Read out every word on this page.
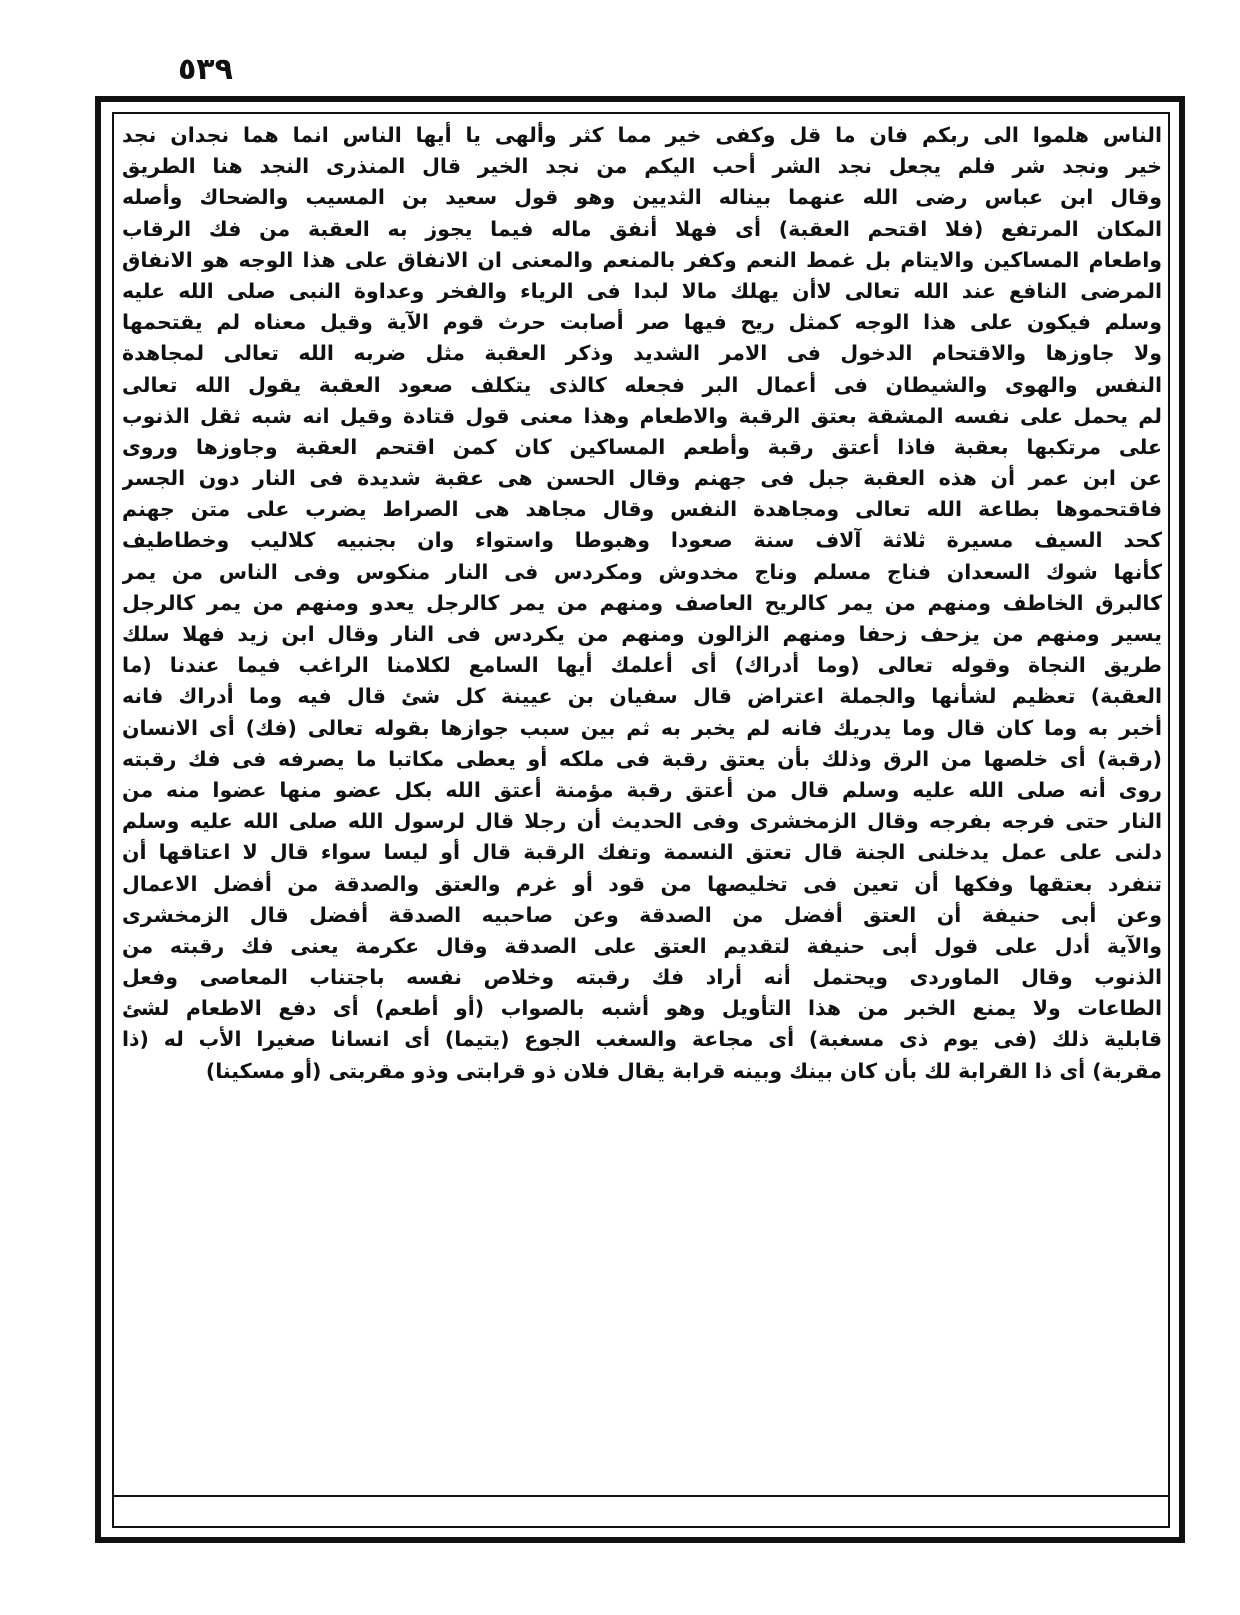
٥٣٩
الناس هلموا الى ربكم فان ما قل وكفى خير مما كثر وألهى يا أيها الناس انما هما نجدان نجد
خير ونجد شر فلم يجعل نجد الشر أحب اليكم من نجد الخير قال المنذرى النجد هنا الطريق
وقال ابن عباس رضى الله عنهما بيناله الثديين وهو قول سعيد بن المسيب والضحاك وأصله
المكان المرتفع (فلا اقتحم العقبة) أى فهلا أنفق ماله فيما يجوز به العقبة من فك الرقاب
واطعام المساكين والايتام بل غمط النعم وكفر بالمنعم والمعنى ان الانفاق على هذا الوجه هو الانفاق
المرضى النافع عند الله تعالى لاأن يهلك مالا لبدا فى الرياء والفخر وعداوة النبى صلى الله عليه
وسلم فيكون على هذا الوجه كمثل ريح فيها صر أصابت حرث قوم الآية وقيل معناه لم يقتحمها
ولا جاوزها والاقتحام الدخول فى الامر الشديد وذكر العقبة مثل ضربه الله تعالى لمجاهدة
النفس والهوى والشيطان فى أعمال البر فجعله كالذى يتكلف صعود العقبة يقول الله تعالى
لم يحمل على نفسه المشقة بعتق الرقبة والاطعام وهذا معنى قول قتادة وقيل انه شبه ثقل الذنوب
على مرتكبها بعقبة فاذا أعتق رقبة وأطعم المساكين كان كمن اقتحم العقبة وجاوزها وروى
عن ابن عمر أن هذه العقبة جبل فى جهنم وقال الحسن هى عقبة شديدة فى النار دون الجسر
فاقتحموها بطاعة الله تعالى ومجاهدة النفس وقال مجاهد هى الصراط يضرب على متن جهنم
كحد السيف مسيرة ثلاثة آلاف سنة صعودا وهبوطا واستواء وان بجنبيه كلاليب وخطاطيف
كأنها شوك السعدان فناج مسلم وناج مخدوش ومكردس فى النار منكوس وفى الناس من يمر
كالبرق الخاطف ومنهم من يمر كالريح العاصف ومنهم من يمر كالرجل يعدو ومنهم من يمر كالرجل
يسير ومنهم من يزحف زحفا ومنهم الزالون ومنهم من يكردس فى النار وقال ابن زيد فهلا سلك
طريق النجاة وقوله تعالى (وما أدراك) أى أعلمك أيها السامع لكلامنا الراغب فيما عندنا (ما
العقبة) تعظيم لشأنها والجملة اعتراض قال سفيان بن عيينة كل شئ قال فيه وما أدراك فانه
أخبر به وما كان قال وما يدريك فانه لم يخبر به ثم بين سبب جوازها بقوله تعالى (فك) أى الانسان
(رقبة) أى خلصها من الرق وذلك بأن يعتق رقبة فى ملكه أو يعطى مكاتبا ما يصرفه فى فك رقبته
روى أنه صلى الله عليه وسلم قال من أعتق رقبة مؤمنة أعتق الله بكل عضو منها عضوا منه من
النار حتى فرجه بفرجه وقال الزمخشرى وفى الحديث أن رجلا قال لرسول الله صلى الله عليه وسلم
دلنى على عمل يدخلنى الجنة قال تعتق النسمة وتفك الرقبة قال أو ليسا سواء قال لا اعتاقها أن
تنفرد بعتقها وفكها أن تعين فى تخليصها من قود أو غرم والعتق والصدقة من أفضل الاعمال
وعن أبى حنيفة أن العتق أفضل من الصدقة وعن صاحبيه الصدقة أفضل قال الزمخشرى
والآية أدل على قول أبى حنيفة لتقديم العتق على الصدقة وقال عكرمة يعنى فك رقبته من
الذنوب وقال الماوردى ويحتمل أنه أراد فك رقبته وخلاص نفسه باجتناب المعاصى وفعل
الطاعات ولا يمنع الخبر من هذا التأويل وهو أشبه بالصواب (أو أطعم) أى دفع الاطعام لشئ
قابلية ذلك (فى يوم ذى مسغبة) أى مجاعة والسغب الجوع (يتيما) أى انسانا صغيرا الأب له (ذا
مقربة) أى ذا القرابة لك بأن كان بينك وبينه قرابة يقال فلان ذو قرابتى وذو مقربتى (أو مسكينا)
